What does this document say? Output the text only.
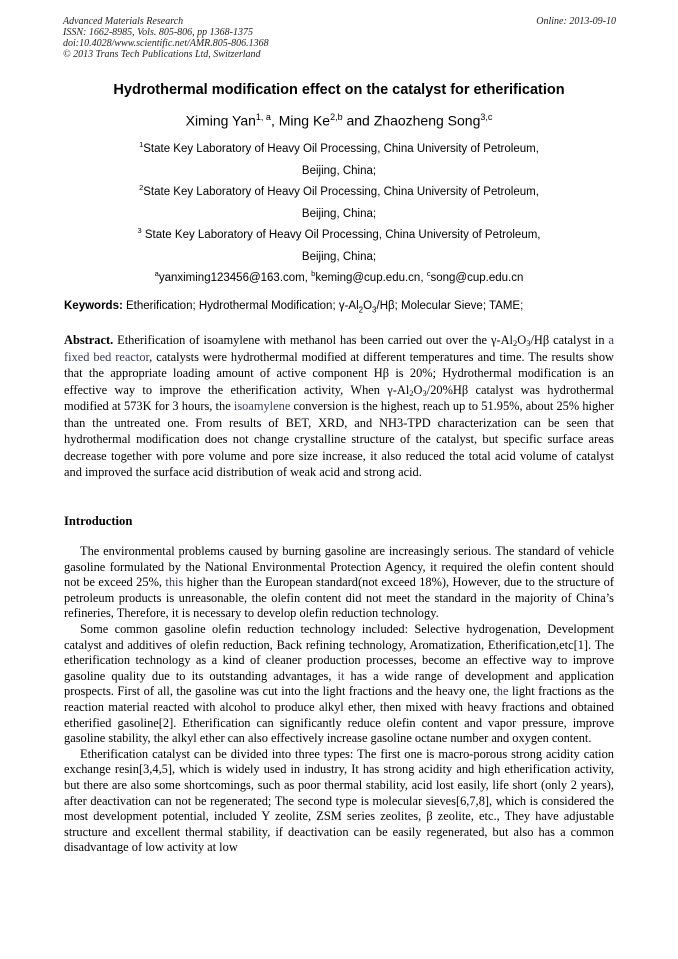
Advanced Materials Research
ISSN: 1662-8985, Vols. 805-806, pp 1368-1375
doi:10.4028/www.scientific.net/AMR.805-806.1368
© 2013 Trans Tech Publications Ltd, Switzerland
Online: 2013-09-10
Hydrothermal modification effect on the catalyst for etherification
Ximing Yan$^{1, a}$, Ming Ke$^{2,b}$ and Zhaozheng Song$^{3,c}$
$^1$State Key Laboratory of Heavy Oil Processing, China University of Petroleum,
Beijing, China;
$^2$State Key Laboratory of Heavy Oil Processing, China University of Petroleum,
Beijing, China;
$^3$ State Key Laboratory of Heavy Oil Processing, China University of Petroleum,
Beijing, China;
$^a$yanximing123456@163.com, $^b$keming@cup.edu.cn, $^c$song@cup.edu.cn
Keywords: Etherification; Hydrothermal Modification; $\gamma-Al_2O_3/H\beta$; Molecular Sieve; TAME;
Abstract. Etherification of isoamylene with methanol has been carried out over the $\gamma-Al_2O_3/H\beta$ catalyst in a fixed bed reactor, catalysts were hydrothermal modified at different temperatures and time. The results show that the appropriate loading amount of active component Hβ is 20%; Hydrothermal modification is an effective way to improve the etherification activity, When $\gamma-Al_2O_3/20\%H\beta$ catalyst was hydrothermal modified at 573K for 3 hours, the isoamylene conversion is the highest, reach up to 51.95%, about 25% higher than the untreated one. From results of BET, XRD, and NH3-TPD characterization can be seen that hydrothermal modification does not change crystalline structure of the catalyst, but specific surface areas decrease together with pore volume and pore size increase, it also reduced the total acid volume of catalyst and improved the surface acid distribution of weak acid and strong acid.
Introduction

The environmental problems caused by burning gasoline are increasingly serious. The standard of vehicle gasoline formulated by the National Environmental Protection Agency, it required the olefin content should not be exceed 25%, this higher than the European standard(not exceed 18%), However, due to the structure of petroleum products is unreasonable, the olefin content did not meet the standard in the majority of China’s refineries, Therefore, it is necessary to develop olefin reduction technology.

Some common gasoline olefin reduction technology included: Selective hydrogenation, Development catalyst and additives of olefin reduction, Back refining technology, Aromatization, Etherification,etc[1]. The etherification technology as a kind of cleaner production processes, become an effective way to improve gasoline quality due to its outstanding advantages, it has a wide range of development and application prospects. First of all, the gasoline was cut into the light fractions and the heavy one, the light fractions as the reaction material reacted with alcohol to produce alkyl ether, then mixed with heavy fractions and obtained etherified gasoline[2]. Etherification can significantly reduce olefin content and vapor pressure, improve gasoline stability, the alkyl ether can also effectively increase gasoline octane number and oxygen content.

Etherification catalyst can be divided into three types: The first one is macro-porous strong acidity cation exchange resin[3,4,5], which is widely used in industry, It has strong acidity and high etherification activity, but there are also some shortcomings, such as poor thermal stability, acid lost easily, life short (only 2 years), after deactivation can not be regenerated; The second type is molecular sieves[6,7,8], which is considered the most development potential, included Y zeolite, ZSM series zeolites, β zeolite, etc., They have adjustable structure and excellent thermal stability, if deactivation can be easily regenerated, but also has a common disadvantage of low activity at low
